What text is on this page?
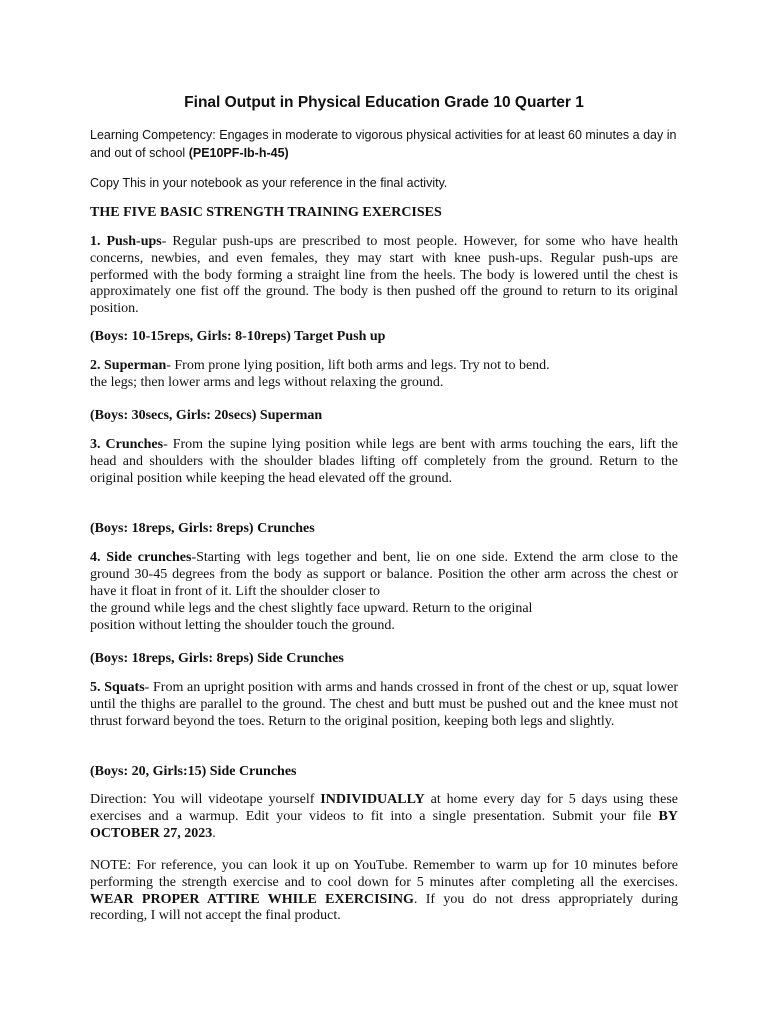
Final Output in Physical Education Grade 10 Quarter 1
Learning Competency: Engages in moderate to vigorous physical activities for at least 60 minutes a day in and out of school (PE10PF-Ib-h-45)
Copy This in your notebook as your reference in the final activity.
THE FIVE BASIC STRENGTH TRAINING EXERCISES
1. Push-ups- Regular push-ups are prescribed to most people. However, for some who have health concerns, newbies, and even females, they may start with knee push-ups. Regular push-ups are performed with the body forming a straight line from the heels. The body is lowered until the chest is approximately one fist off the ground. The body is then pushed off the ground to return to its original position.
(Boys: 10-15reps, Girls: 8-10reps) Target Push up
2. Superman- From prone lying position, lift both arms and legs. Try not to bend.
the legs; then lower arms and legs without relaxing the ground.
(Boys: 30secs, Girls: 20secs) Superman
3. Crunches- From the supine lying position while legs are bent with arms touching the ears, lift the head and shoulders with the shoulder blades lifting off completely from the ground. Return to the original position while keeping the head elevated off the ground.
(Boys: 18reps, Girls: 8reps) Crunches
4. Side crunches-Starting with legs together and bent, lie on one side. Extend the arm close to the ground 30-45 degrees from the body as support or balance. Position the other arm across the chest or have it float in front of it. Lift the shoulder closer to
the ground while legs and the chest slightly face upward. Return to the original
position without letting the shoulder touch the ground.
(Boys: 18reps, Girls: 8reps) Side Crunches
5. Squats- From an upright position with arms and hands crossed in front of the chest or up, squat lower until the thighs are parallel to the ground. The chest and butt must be pushed out and the knee must not thrust forward beyond the toes. Return to the original position, keeping both legs and slightly.
(Boys: 20, Girls:15) Side Crunches
Direction: You will videotape yourself INDIVIDUALLY at home every day for 5 days using these exercises and a warmup. Edit your videos to fit into a single presentation. Submit your file BY OCTOBER 27, 2023.
NOTE: For reference, you can look it up on YouTube. Remember to warm up for 10 minutes before performing the strength exercise and to cool down for 5 minutes after completing all the exercises. WEAR PROPER ATTIRE WHILE EXERCISING. If you do not dress appropriately during recording, I will not accept the final product.
